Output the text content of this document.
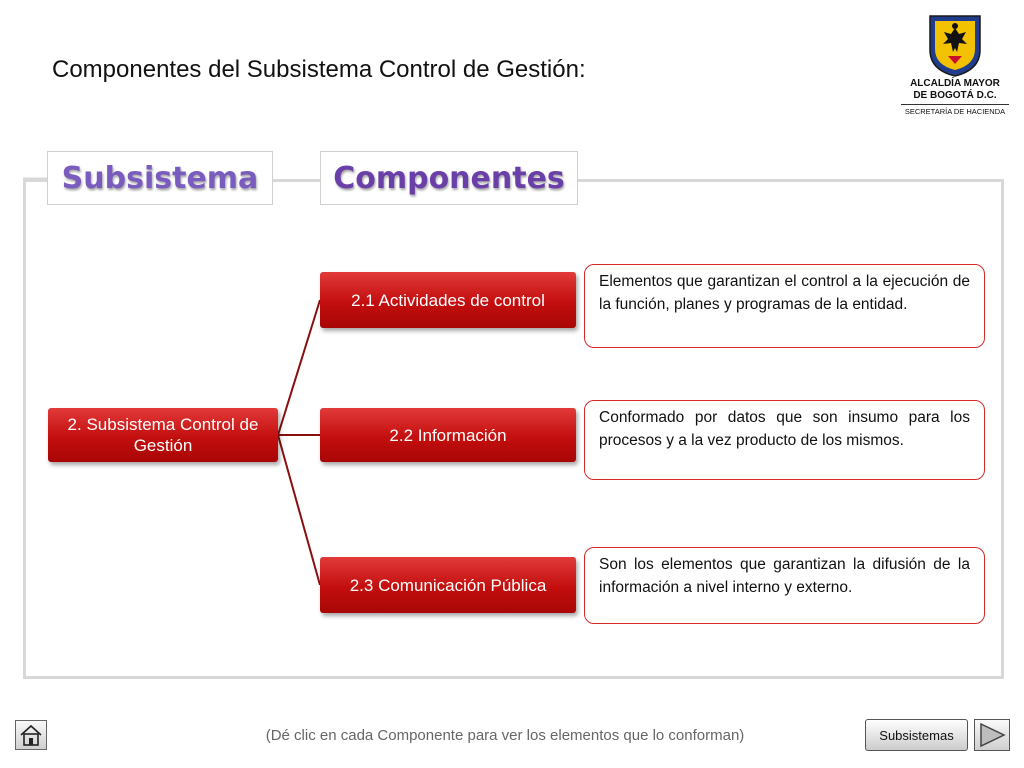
Componentes del Subsistema Control de Gestión:
ALCALDÍA MAYOR
DE BOGOTÁ D.C.
SECRETARÍA DE HACIENDA
Subsistema	Componentes
2. Subsistema Control de Gestión
2.1 Actividades de control
2.2 Información
2.3 Comunicación Pública
Elementos que garantizan el control a la ejecución de la función, planes y programas de la entidad.
Conformado por datos que son insumo para los procesos y a la vez producto de los mismos.
Son los elementos que garantizan la difusión de la información a nivel interno y externo.
(Dé clic en cada Componente para ver los elementos que lo conforman)	Subsistemas
